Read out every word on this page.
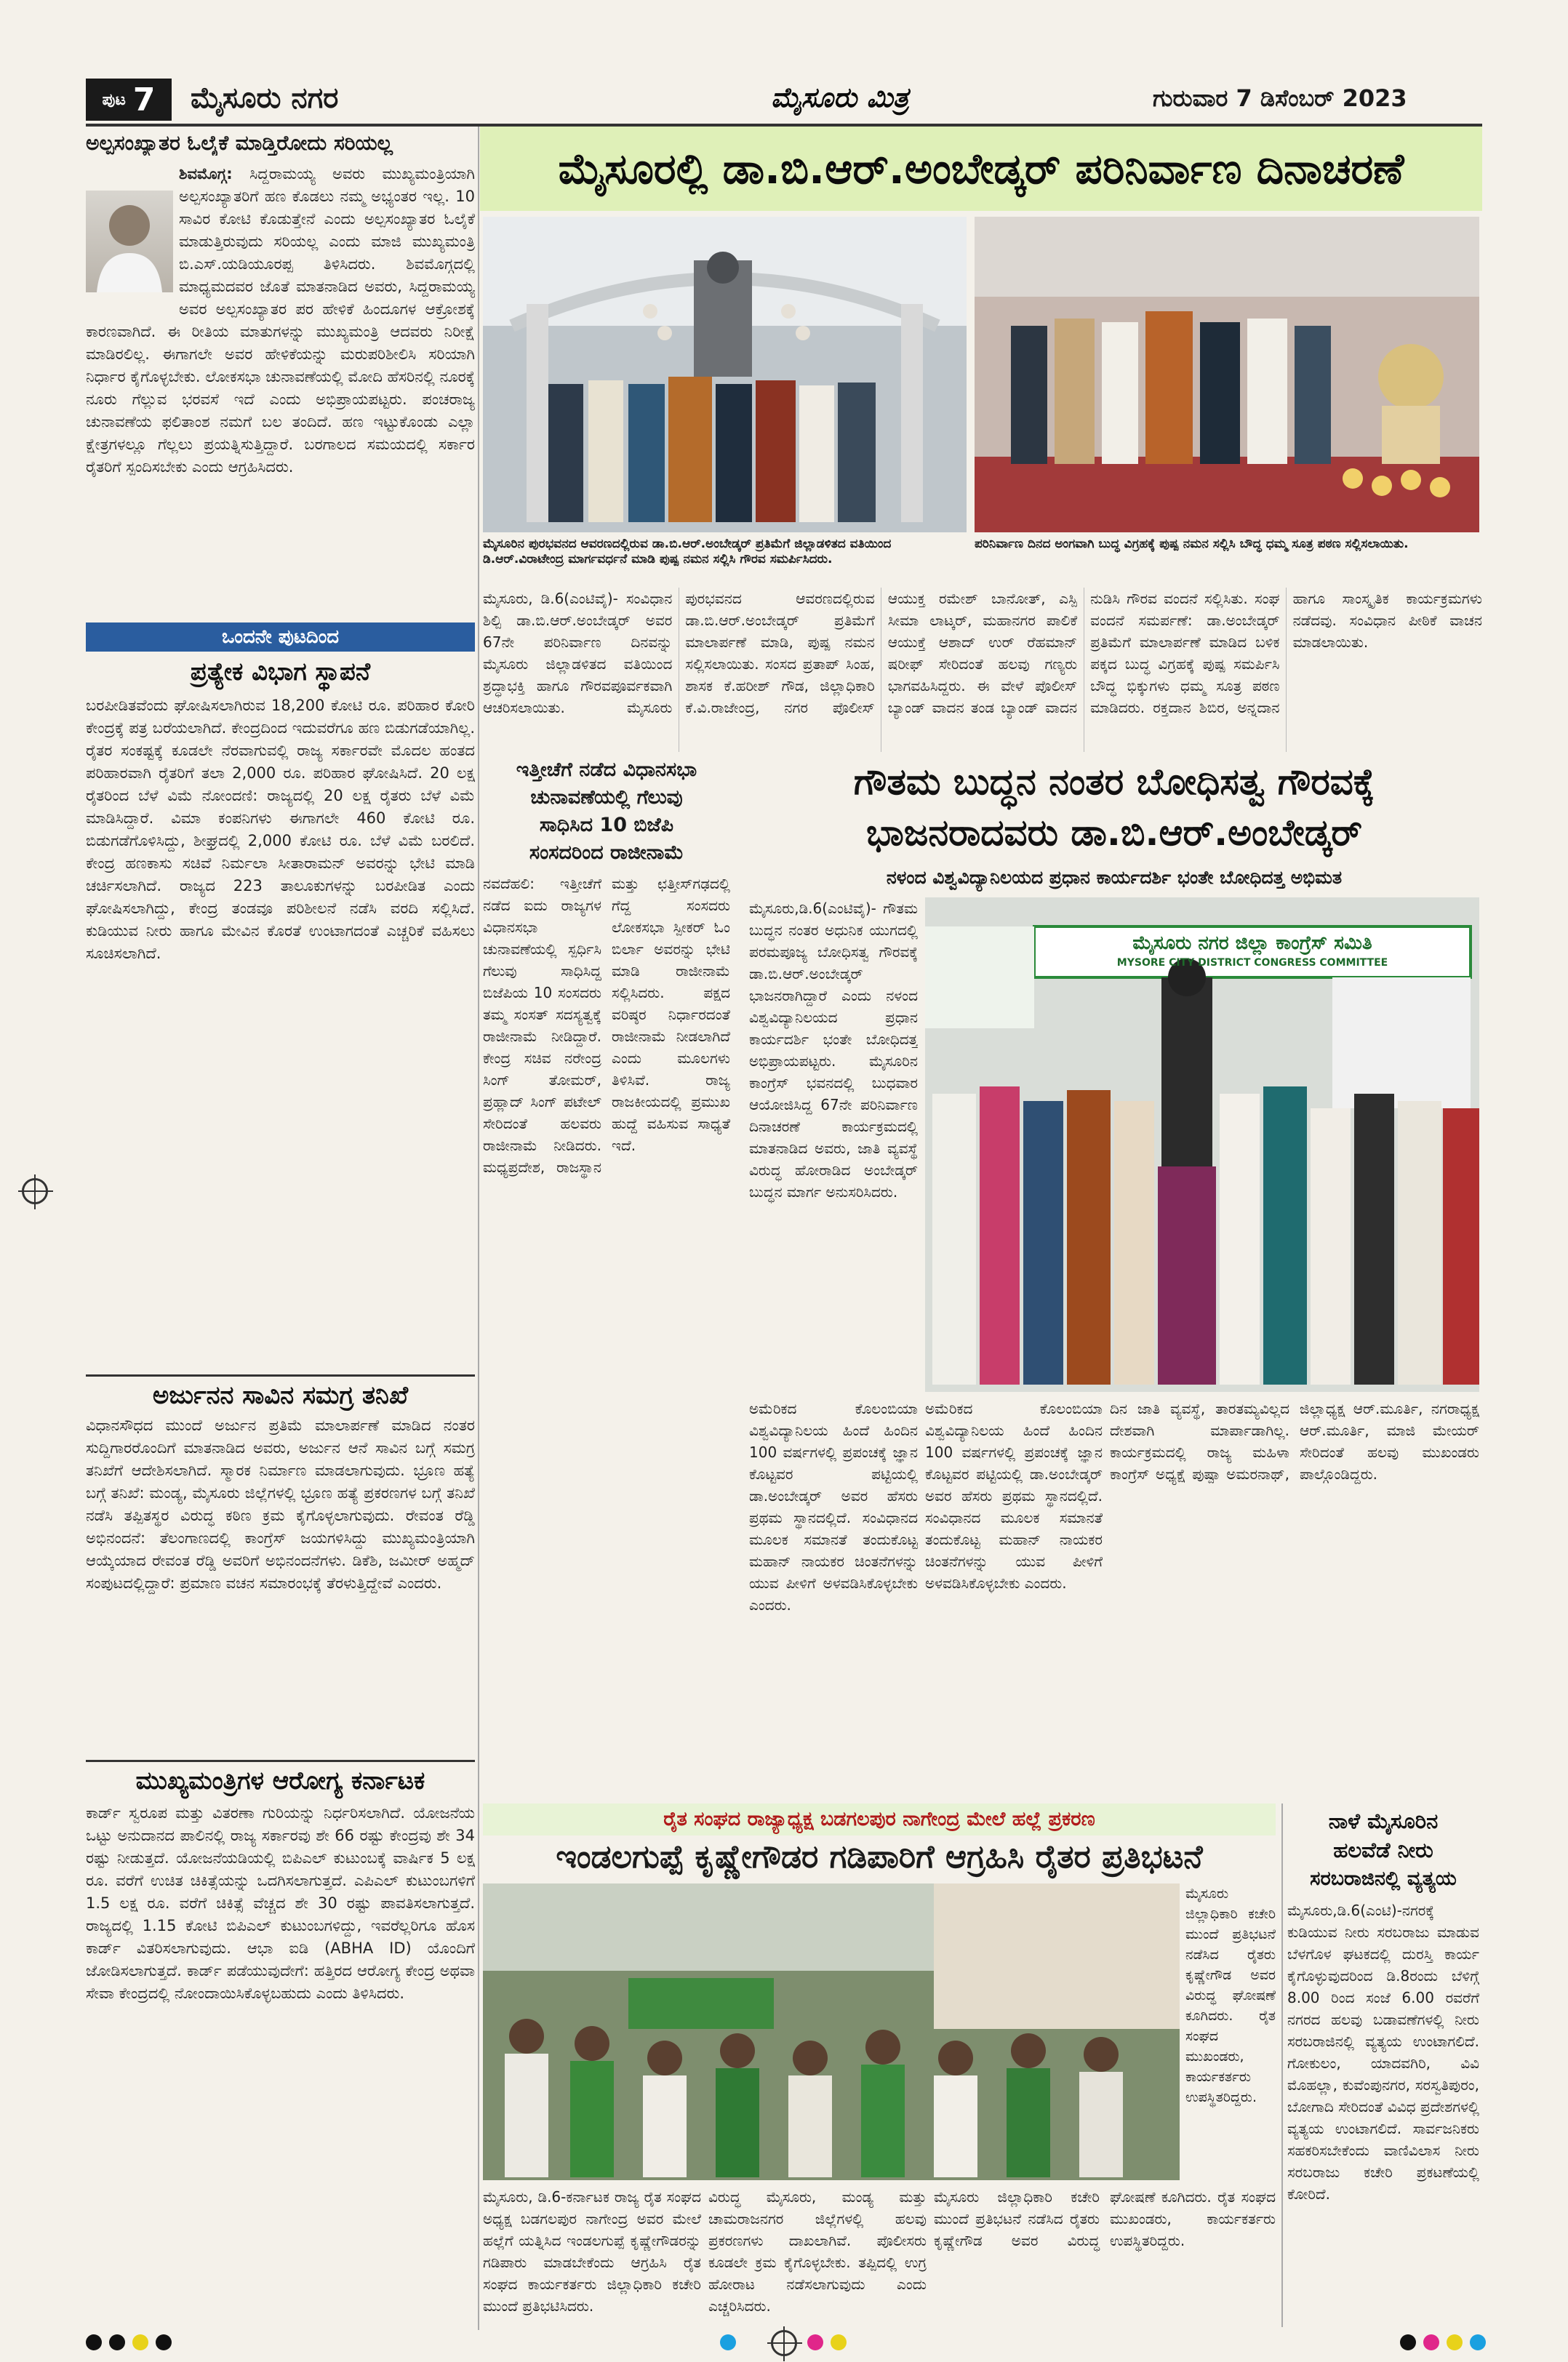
ಪುಟ 7 ಮೈಸೂರು ನಗರ	ಮೈಸೂರು ಮಿತ್ರ	ಗುರುವಾರ 7 ಡಿಸೆಂಬರ್ 2023
ಮೈಸೂರಲ್ಲಿ ಡಾ.ಬಿ.ಆರ್.ಅಂಬೇಡ್ಕರ್ ಪರಿನಿರ್ವಾಣ ದಿನಾಚರಣೆ
ಅಲ್ಪಸಂಖ್ಯಾತರ ಓಲೈಕೆ ಮಾಡ್ತಿರೋದು ಸರಿಯಲ್ಲ
ಶಿವಮೊಗ್ಗ: ಸಿದ್ದರಾಮಯ್ಯ ಅವರು ಮುಖ್ಯಮಂತ್ರಿಯಾಗಿ ಅಲ್ಪಸಂಖ್ಯಾತರಿಗೆ ಹಣ ಕೊಡಲು ನಮ್ಮ ಅಭ್ಯಂತರ ಇಲ್ಲ. 10 ಸಾವಿರ ಕೋಟಿ ಕೊಡುತ್ತೇನೆ ಎಂದು ಅಲ್ಪಸಂಖ್ಯಾತರ ಓಲೈಕೆ ಮಾಡುತ್ತಿರುವುದು ಸರಿಯಲ್ಲ ಎಂದು ಮಾಜಿ ಮುಖ್ಯಮಂತ್ರಿ ಬಿ.ಎಸ್.ಯಡಿಯೂರಪ್ಪ ತಿಳಿಸಿದರು. ಶಿವಮೊಗ್ಗದಲ್ಲಿ ಮಾಧ್ಯಮದವರ ಜೊತೆ ಮಾತನಾಡಿದ ಅವರು, ಸಿದ್ದರಾಮಯ್ಯ ಅವರ ಅಲ್ಪಸಂಖ್ಯಾತರ ಪರ ಹೇಳಿಕೆ ಹಿಂದೂಗಳ ಆಕ್ರೋಶಕ್ಕೆ ಕಾರಣವಾಗಿದೆ. ಈ ರೀತಿಯ ಮಾತುಗಳನ್ನು ಮುಖ್ಯಮಂತ್ರಿ ಆದವರು ನಿರೀಕ್ಷೆ ಮಾಡಿರಲಿಲ್ಲ. ಈಗಾಗಲೇ ಅವರ ಹೇಳಿಕೆಯನ್ನು ಮರುಪರಿಶೀಲಿಸಿ ಸರಿಯಾಗಿ ನಿರ್ಧಾರ ಕೈಗೊಳ್ಳಬೇಕು. ಲೋಕಸಭಾ ಚುನಾವಣೆಯಲ್ಲಿ ಮೋದಿ ಹೆಸರಿನಲ್ಲಿ ನೂರಕ್ಕೆ ನೂರು ಗೆಲ್ಲುವ ಭರವಸೆ ಇದೆ ಎಂದು ಅಭಿಪ್ರಾಯಪಟ್ಟರು. ಪಂಚರಾಜ್ಯ ಚುನಾವಣೆಯ ಫಲಿತಾಂಶ ನಮಗೆ ಬಲ ತಂದಿದೆ. ಹಣ ಇಟ್ಟುಕೊಂಡು ಎಲ್ಲಾ ಕ್ಷೇತ್ರಗಳಲ್ಲೂ ಗೆಲ್ಲಲು ಪ್ರಯತ್ನಿಸುತ್ತಿದ್ದಾರೆ. ಬರಗಾಲದ ಸಮಯದಲ್ಲಿ ಸರ್ಕಾರ ರೈತರಿಗೆ ಸ್ಪಂದಿಸಬೇಕು ಎಂದು ಆಗ್ರಹಿಸಿದರು.
ಒಂದನೇ ಪುಟದಿಂದ
ಪ್ರತ್ಯೇಕ ವಿಭಾಗ ಸ್ಥಾಪನೆ
ಬರಪೀಡಿತವೆಂದು ಘೋಷಿಸಲಾಗಿರುವ 18,200 ಕೋಟಿ ರೂ. ಪರಿಹಾರ ಕೋರಿ ಕೇಂದ್ರಕ್ಕೆ ಪತ್ರ ಬರೆಯಲಾಗಿದೆ. ಕೇಂದ್ರದಿಂದ ಇದುವರೆಗೂ ಹಣ ಬಿಡುಗಡೆಯಾಗಿಲ್ಲ. ರೈತರ ಸಂಕಷ್ಟಕ್ಕೆ ಕೂಡಲೇ ನೆರವಾಗುವಲ್ಲಿ ರಾಜ್ಯ ಸರ್ಕಾರವೇ ಮೊದಲ ಹಂತದ ಪರಿಹಾರವಾಗಿ ರೈತರಿಗೆ ತಲಾ 2,000 ರೂ. ಪರಿಹಾರ ಘೋಷಿಸಿದೆ. 20 ಲಕ್ಷ ರೈತರಿಂದ ಬೆಳೆ ವಿಮೆ ನೋಂದಣಿ: ರಾಜ್ಯದಲ್ಲಿ 20 ಲಕ್ಷ ರೈತರು ಬೆಳೆ ವಿಮೆ ಮಾಡಿಸಿದ್ದಾರೆ. ವಿಮಾ ಕಂಪನಿಗಳು ಈಗಾಗಲೇ 460 ಕೋಟಿ ರೂ. ಬಿಡುಗಡೆಗೊಳಿಸಿದ್ದು, ಶೀಘ್ರದಲ್ಲಿ 2,000 ಕೋಟಿ ರೂ. ಬೆಳೆ ವಿಮೆ ಬರಲಿದೆ. ಕೇಂದ್ರ ಹಣಕಾಸು ಸಚಿವೆ ನಿರ್ಮಲಾ ಸೀತಾರಾಮನ್ ಅವರನ್ನು ಭೇಟಿ ಮಾಡಿ ಚರ್ಚಿಸಲಾಗಿದೆ. ರಾಜ್ಯದ 223 ತಾಲೂಕುಗಳನ್ನು ಬರಪೀಡಿತ ಎಂದು ಘೋಷಿಸಲಾಗಿದ್ದು, ಕೇಂದ್ರ ತಂಡವೂ ಪರಿಶೀಲನೆ ನಡೆಸಿ ವರದಿ ಸಲ್ಲಿಸಿದೆ. ಕುಡಿಯುವ ನೀರು ಹಾಗೂ ಮೇವಿನ ಕೊರತೆ ಉಂಟಾಗದಂತೆ ಎಚ್ಚರಿಕೆ ವಹಿಸಲು ಸೂಚಿಸಲಾಗಿದೆ.
ಅರ್ಜುನನ ಸಾವಿನ ಸಮಗ್ರ ತನಿಖೆ
ವಿಧಾನಸೌಧದ ಮುಂದೆ ಅರ್ಜುನ ಪ್ರತಿಮೆ ಮಾಲಾರ್ಪಣೆ ಮಾಡಿದ ನಂತರ ಸುದ್ದಿಗಾರರೊಂದಿಗೆ ಮಾತನಾಡಿದ ಅವರು, ಅರ್ಜುನ ಆನೆ ಸಾವಿನ ಬಗ್ಗೆ ಸಮಗ್ರ ತನಿಖೆಗೆ ಆದೇಶಿಸಲಾಗಿದೆ. ಸ್ಮಾರಕ ನಿರ್ಮಾಣ ಮಾಡಲಾಗುವುದು. ಭ್ರೂಣ ಹತ್ಯೆ ಬಗ್ಗೆ ತನಿಖೆ: ಮಂಡ್ಯ, ಮೈಸೂರು ಜಿಲ್ಲೆಗಳಲ್ಲಿ ಭ್ರೂಣ ಹತ್ಯೆ ಪ್ರಕರಣಗಳ ಬಗ್ಗೆ ತನಿಖೆ ನಡೆಸಿ ತಪ್ಪಿತಸ್ಥರ ವಿರುದ್ಧ ಕಠಿಣ ಕ್ರಮ ಕೈಗೊಳ್ಳಲಾಗುವುದು. ರೇವಂತ ರೆಡ್ಡಿ ಅಭಿನಂದನೆ: ತೆಲಂಗಾಣದಲ್ಲಿ ಕಾಂಗ್ರೆಸ್ ಜಯಗಳಿಸಿದ್ದು ಮುಖ್ಯಮಂತ್ರಿಯಾಗಿ ಆಯ್ಕೆಯಾದ ರೇವಂತ ರೆಡ್ಡಿ ಅವರಿಗೆ ಅಭಿನಂದನೆಗಳು. ಡಿಕೆಶಿ, ಜಮೀರ್ ಅಹ್ಮದ್ ಸಂಪುಟದಲ್ಲಿದ್ದಾರೆ: ಪ್ರಮಾಣ ವಚನ ಸಮಾರಂಭಕ್ಕೆ ತೆರಳುತ್ತಿದ್ದೇವೆ ಎಂದರು.
ಮುಖ್ಯಮಂತ್ರಿಗಳ ಆರೋಗ್ಯ ಕರ್ನಾಟಕ
ಕಾರ್ಡ್ ಸ್ವರೂಪ ಮತ್ತು ವಿತರಣಾ ಗುರಿಯನ್ನು ನಿರ್ಧರಿಸಲಾಗಿದೆ. ಯೋಜನೆಯ ಒಟ್ಟು ಅನುದಾನದ ಪಾಲಿನಲ್ಲಿ ರಾಜ್ಯ ಸರ್ಕಾರವು ಶೇ 66 ರಷ್ಟು ಕೇಂದ್ರವು ಶೇ 34 ರಷ್ಟು ನೀಡುತ್ತದೆ. ಯೋಜನೆಯಡಿಯಲ್ಲಿ ಬಿಪಿಎಲ್ ಕುಟುಂಬಕ್ಕೆ ವಾರ್ಷಿಕ 5 ಲಕ್ಷ ರೂ. ವರೆಗೆ ಉಚಿತ ಚಿಕಿತ್ಸೆಯನ್ನು ಒದಗಿಸಲಾಗುತ್ತದೆ. ಎಪಿಎಲ್ ಕುಟುಂಬಗಳಿಗೆ 1.5 ಲಕ್ಷ ರೂ. ವರೆಗೆ ಚಿಕಿತ್ಸೆ ವೆಚ್ಚದ ಶೇ 30 ರಷ್ಟು ಪಾವತಿಸಲಾಗುತ್ತದೆ. ರಾಜ್ಯದಲ್ಲಿ 1.15 ಕೋಟಿ ಬಿಪಿಎಲ್ ಕುಟುಂಬಗಳಿದ್ದು, ಇವರೆಲ್ಲರಿಗೂ ಹೊಸ ಕಾರ್ಡ್ ವಿತರಿಸಲಾಗುವುದು. ಆಭಾ ಐಡಿ (ABHA ID) ಯೊಂದಿಗೆ ಜೋಡಿಸಲಾಗುತ್ತದೆ. ಕಾರ್ಡ್ ಪಡೆಯುವುದೇಗೆ: ಹತ್ತಿರದ ಆರೋಗ್ಯ ಕೇಂದ್ರ ಅಥವಾ ಸೇವಾ ಕೇಂದ್ರದಲ್ಲಿ ನೋಂದಾಯಿಸಿಕೊಳ್ಳಬಹುದು ಎಂದು ತಿಳಿಸಿದರು.
ಮೈಸೂರಿನ ಪುರಭವನದ ಆವರಣದಲ್ಲಿರುವ ಡಾ.ಬಿ.ಆರ್.ಅಂಬೇಡ್ಕರ್ ಪ್ರತಿಮೆಗೆ ಜಿಲ್ಲಾಡಳಿತದ ವತಿಯಿಂದ ಡಿ.ಆರ್.ವಿರಾಟೇಂದ್ರ ಮಾರ್ಗವರ್ಧನೆ ಮಾಡಿ ಪುಷ್ಪ ನಮನ ಸಲ್ಲಿಸಿ ಗೌರವ ಸಮರ್ಪಿಸಿದರು.
ಪರಿನಿರ್ವಾಣ ದಿನದ ಅಂಗವಾಗಿ ಬುದ್ಧ ವಿಗ್ರಹಕ್ಕೆ ಪುಷ್ಪ ನಮನ ಸಲ್ಲಿಸಿ ಬೌದ್ಧ ಧಮ್ಮ ಸೂತ್ರ ಪಠಣ ಸಲ್ಲಿಸಲಾಯಿತು.
ಮೈಸೂರು, ಡಿ.6(ಎಂಟಿವೈ)- ಸಂವಿಧಾನ ಶಿಲ್ಪಿ ಡಾ.ಬಿ.ಆರ್.ಅಂಬೇಡ್ಕರ್ ಅವರ 67ನೇ ಪರಿನಿರ್ವಾಣ ದಿನವನ್ನು ಮೈಸೂರು ಜಿಲ್ಲಾಡಳಿತದ ವತಿಯಿಂದ ಶ್ರದ್ಧಾಭಕ್ತಿ ಹಾಗೂ ಗೌರವಪೂರ್ವಕವಾಗಿ ಆಚರಿಸಲಾಯಿತು. ಮೈಸೂರು ಪುರಭವನದ ಆವರಣದಲ್ಲಿರುವ ಡಾ.ಬಿ.ಆರ್.ಅಂಬೇಡ್ಕರ್ ಪ್ರತಿಮೆಗೆ ಮಾಲಾರ್ಪಣೆ ಮಾಡಿ, ಪುಷ್ಪ ನಮನ ಸಲ್ಲಿಸಲಾಯಿತು. ಸಂಸದ ಪ್ರತಾಪ್ ಸಿಂಹ, ಶಾಸಕ ಕೆ.ಹರೀಶ್ ಗೌಡ, ಜಿಲ್ಲಾಧಿಕಾರಿ ಕೆ.ವಿ.ರಾಜೇಂದ್ರ, ನಗರ ಪೊಲೀಸ್ ಆಯುಕ್ತ ರಮೇಶ್ ಬಾನೋತ್, ಎಸ್ಪಿ ಸೀಮಾ ಲಾಟ್ಕರ್, ಮಹಾನಗರ ಪಾಲಿಕೆ ಆಯುಕ್ತೆ ಆಶಾದ್ ಉರ್ ರೆಹಮಾನ್ ಷರೀಫ್ ಸೇರಿದಂತೆ ಹಲವು ಗಣ್ಯರು ಭಾಗವಹಿಸಿದ್ದರು. ಈ ವೇಳೆ ಪೊಲೀಸ್ ಬ್ಯಾಂಡ್ ವಾದನ ತಂಡ ಬ್ಯಾಂಡ್ ವಾದನ ನುಡಿಸಿ ಗೌರವ ವಂದನೆ ಸಲ್ಲಿಸಿತು. ಸಂಘ ವಂದನೆ ಸಮರ್ಪಣೆ: ಡಾ.ಅಂಬೇಡ್ಕರ್ ಪ್ರತಿಮೆಗೆ ಮಾಲಾರ್ಪಣೆ ಮಾಡಿದ ಬಳಿಕ ಪಕ್ಕದ ಬುದ್ಧ ವಿಗ್ರಹಕ್ಕೆ ಪುಷ್ಪ ಸಮರ್ಪಿಸಿ ಬೌದ್ಧ ಭಿಕ್ಕುಗಳು ಧಮ್ಮ ಸೂತ್ರ ಪಠಣ ಮಾಡಿದರು. ರಕ್ತದಾನ ಶಿಬಿರ, ಅನ್ನದಾನ ಹಾಗೂ ಸಾಂಸ್ಕೃತಿಕ ಕಾರ್ಯಕ್ರಮಗಳು ನಡೆದವು. ಸಂವಿಧಾನ ಪೀಠಿಕೆ ವಾಚನ ಮಾಡಲಾಯಿತು.
ಇತ್ತೀಚೆಗೆ ನಡೆದ ವಿಧಾನಸಭಾ
ಚುನಾವಣೆಯಲ್ಲಿ ಗೆಲುವು
ಸಾಧಿಸಿದ 10 ಬಿಜೆಪಿ
ಸಂಸದರಿಂದ ರಾಜೀನಾಮೆ
ನವದೆಹಲಿ: ಇತ್ತೀಚೆಗೆ ನಡೆದ ಐದು ರಾಜ್ಯಗಳ ವಿಧಾನಸಭಾ ಚುನಾವಣೆಯಲ್ಲಿ ಸ್ಪರ್ಧಿಸಿ ಗೆಲುವು ಸಾಧಿಸಿದ್ದ ಬಿಜೆಪಿಯ 10 ಸಂಸದರು ತಮ್ಮ ಸಂಸತ್ ಸದಸ್ಯತ್ವಕ್ಕೆ ರಾಜೀನಾಮೆ ನೀಡಿದ್ದಾರೆ. ಕೇಂದ್ರ ಸಚಿವ ನರೇಂದ್ರ ಸಿಂಗ್ ತೋಮರ್, ಪ್ರಹ್ಲಾದ್ ಸಿಂಗ್ ಪಟೇಲ್ ಸೇರಿದಂತೆ ಹಲವರು ರಾಜೀನಾಮೆ ನೀಡಿದರು. ಮಧ್ಯಪ್ರದೇಶ, ರಾಜಸ್ಥಾನ ಮತ್ತು ಛತ್ತೀಸ್‌ಗಢದಲ್ಲಿ ಗೆದ್ದ ಸಂಸದರು ಲೋಕಸಭಾ ಸ್ಪೀಕರ್ ಓಂ ಬಿರ್ಲಾ ಅವರನ್ನು ಭೇಟಿ ಮಾಡಿ ರಾಜೀನಾಮೆ ಸಲ್ಲಿಸಿದರು. ಪಕ್ಷದ ವರಿಷ್ಠರ ನಿರ್ಧಾರದಂತೆ ರಾಜೀನಾಮೆ ನೀಡಲಾಗಿದೆ ಎಂದು ಮೂಲಗಳು ತಿಳಿಸಿವೆ. ರಾಜ್ಯ ರಾಜಕೀಯದಲ್ಲಿ ಪ್ರಮುಖ ಹುದ್ದೆ ವಹಿಸುವ ಸಾಧ್ಯತೆ ಇದೆ.
ಗೌತಮ ಬುದ್ಧನ ನಂತರ ಬೋಧಿಸತ್ವ ಗೌರವಕ್ಕೆ
ಭಾಜನರಾದವರು ಡಾ.ಬಿ.ಆರ್.ಅಂಬೇಡ್ಕರ್
ನಳಂದ ವಿಶ್ವವಿದ್ಯಾನಿಲಯದ ಪ್ರಧಾನ ಕಾರ್ಯದರ್ಶಿ ಭಂತೇ ಬೋಧಿದತ್ತ ಅಭಿಮತ
ಮೈಸೂರು,ಡಿ.6(ಎಂಟಿವೈ)- ಗೌತಮ ಬುದ್ಧನ ನಂತರ ಅಧುನಿಕ ಯುಗದಲ್ಲಿ ಪರಮಪೂಜ್ಯ ಬೋಧಿಸತ್ವ ಗೌರವಕ್ಕೆ ಡಾ.ಬಿ.ಆರ್.ಅಂಬೇಡ್ಕರ್ ಭಾಜನರಾಗಿದ್ದಾರೆ ಎಂದು ನಳಂದ ವಿಶ್ವವಿದ್ಯಾನಿಲಯದ ಪ್ರಧಾನ ಕಾರ್ಯದರ್ಶಿ ಭಂತೇ ಬೋಧಿದತ್ತ ಅಭಿಪ್ರಾಯಪಟ್ಟರು. ಮೈಸೂರಿನ ಕಾಂಗ್ರೆಸ್ ಭವನದಲ್ಲಿ ಬುಧವಾರ ಆಯೋಜಿಸಿದ್ದ 67ನೇ ಪರಿನಿರ್ವಾಣ ದಿನಾಚರಣೆ ಕಾರ್ಯಕ್ರಮದಲ್ಲಿ ಮಾತನಾಡಿದ ಅವರು, ಜಾತಿ ವ್ಯವಸ್ಥೆ ವಿರುದ್ಧ ಹೋರಾಡಿದ ಅಂಬೇಡ್ಕರ್ ಬುದ್ಧನ ಮಾರ್ಗ ಅನುಸರಿಸಿದರು.
ಮೈಸೂರು ನಗರ ಜಿಲ್ಲಾ ಕಾಂಗ್ರೆಸ್ ಸಮಿತಿ
MYSORE CITY DISTRICT CONGRESS COMMITTEE
ಅಮೆರಿಕದ ಕೊಲಂಬಿಯಾ ವಿಶ್ವವಿದ್ಯಾನಿಲಯ ಹಿಂದೆ ಹಿಂದಿನ 100 ವರ್ಷಗಳಲ್ಲಿ ಪ್ರಪಂಚಕ್ಕೆ ಜ್ಞಾನ ಕೊಟ್ಟವರ ಪಟ್ಟಿಯಲ್ಲಿ ಡಾ.ಅಂಬೇಡ್ಕರ್ ಅವರ ಹೆಸರು ಪ್ರಥಮ ಸ್ಥಾನದಲ್ಲಿದೆ. ಸಂವಿಧಾನದ ಮೂಲಕ ಸಮಾನತೆ ತಂದುಕೊಟ್ಟ ಮಹಾನ್ ನಾಯಕರ ಚಿಂತನೆಗಳನ್ನು ಯುವ ಪೀಳಿಗೆ ಅಳವಡಿಸಿಕೊಳ್ಳಬೇಕು ಎಂದರು.
ದಿನ ಜಾತಿ ವ್ಯವಸ್ಥೆ, ತಾರತಮ್ಯವಿಲ್ಲದ ದೇಶವಾಗಿ ಮಾರ್ಪಾಡಾಗಿಲ್ಲ. ಕಾರ್ಯಕ್ರಮದಲ್ಲಿ ರಾಜ್ಯ ಮಹಿಳಾ ಕಾಂಗ್ರೆಸ್ ಅಧ್ಯಕ್ಷೆ ಪುಷ್ಪಾ ಅಮರನಾಥ್, ಜಿಲ್ಲಾಧ್ಯಕ್ಷ ಆರ್.ಮೂರ್ತಿ, ನಗರಾಧ್ಯಕ್ಷ ಆರ್.ಮೂರ್ತಿ, ಮಾಜಿ ಮೇಯರ್ ಸೇರಿದಂತೆ ಹಲವು ಮುಖಂಡರು ಪಾಲ್ಗೊಂಡಿದ್ದರು.
ಅಮೆರಿಕದ ಕೊಲಂಬಿಯಾ ವಿಶ್ವವಿದ್ಯಾನಿಲಯ ಹಿಂದೆ ಹಿಂದಿನ 100 ವರ್ಷಗಳಲ್ಲಿ ಪ್ರಪಂಚಕ್ಕೆ ಜ್ಞಾನ ಕೊಟ್ಟವರ ಪಟ್ಟಿಯಲ್ಲಿ ಡಾ.ಅಂಬೇಡ್ಕರ್ ಅವರ ಹೆಸರು ಪ್ರಥಮ ಸ್ಥಾನದಲ್ಲಿದೆ. ಸಂವಿಧಾನದ ಮೂಲಕ ಸಮಾನತೆ ತಂದುಕೊಟ್ಟ ಮಹಾನ್ ನಾಯಕರ ಚಿಂತನೆಗಳನ್ನು ಯುವ ಪೀಳಿಗೆ ಅಳವಡಿಸಿಕೊಳ್ಳಬೇಕು ಎಂದರು.
ರೈತ ಸಂಘದ ರಾಜ್ಯಾಧ್ಯಕ್ಷ ಬಡಗಲಪುರ ನಾಗೇಂದ್ರ ಮೇಲೆ ಹಲ್ಲೆ ಪ್ರಕರಣ
ಇಂಡಲಗುಪ್ಪೆ ಕೃಷ್ಣೇಗೌಡರ ಗಡಿಪಾರಿಗೆ ಆಗ್ರಹಿಸಿ ರೈತರ ಪ್ರತಿಭಟನೆ
ಮೈಸೂರು ಜಿಲ್ಲಾಧಿಕಾರಿ ಕಚೇರಿ ಮುಂದೆ ಪ್ರತಿಭಟನೆ ನಡೆಸಿದ ರೈತರು ಕೃಷ್ಣೇಗೌಡ ಅವರ ವಿರುದ್ಧ ಘೋಷಣೆ ಕೂಗಿದರು. ರೈತ ಸಂಘದ ಮುಖಂಡರು, ಕಾರ್ಯಕರ್ತರು ಉಪಸ್ಥಿತರಿದ್ದರು.
ಮೈಸೂರು, ಡಿ.6-ಕರ್ನಾಟಕ ರಾಜ್ಯ ರೈತ ಸಂಘದ ಅಧ್ಯಕ್ಷ ಬಡಗಲಪುರ ನಾಗೇಂದ್ರ ಅವರ ಮೇಲೆ ಹಲ್ಲೆಗೆ ಯತ್ನಿಸಿದ ಇಂಡಲಗುಪ್ಪೆ ಕೃಷ್ಣೇಗೌಡರನ್ನು ಗಡಿಪಾರು ಮಾಡಬೇಕೆಂದು ಆಗ್ರಹಿಸಿ ರೈತ ಸಂಘದ ಕಾರ್ಯಕರ್ತರು ಜಿಲ್ಲಾಧಿಕಾರಿ ಕಚೇರಿ ಮುಂದೆ ಪ್ರತಿಭಟಿಸಿದರು.
ವಿರುದ್ಧ ಮೈಸೂರು, ಮಂಡ್ಯ ಮತ್ತು ಚಾಮರಾಜನಗರ ಜಿಲ್ಲೆಗಳಲ್ಲಿ ಹಲವು ಪ್ರಕರಣಗಳು ದಾಖಲಾಗಿವೆ. ಪೊಲೀಸರು ಕೂಡಲೇ ಕ್ರಮ ಕೈಗೊಳ್ಳಬೇಕು. ತಪ್ಪಿದಲ್ಲಿ ಉಗ್ರ ಹೋರಾಟ ನಡೆಸಲಾಗುವುದು ಎಂದು ಎಚ್ಚರಿಸಿದರು.
ಮೈಸೂರು ಜಿಲ್ಲಾಧಿಕಾರಿ ಕಚೇರಿ ಮುಂದೆ ಪ್ರತಿಭಟನೆ ನಡೆಸಿದ ರೈತರು ಕೃಷ್ಣೇಗೌಡ ಅವರ ವಿರುದ್ಧ ಘೋಷಣೆ ಕೂಗಿದರು. ರೈತ ಸಂಘದ ಮುಖಂಡರು, ಕಾರ್ಯಕರ್ತರು ಉಪಸ್ಥಿತರಿದ್ದರು.
ನಾಳೆ ಮೈಸೂರಿನ
ಹಲವೆಡೆ ನೀರು
ಸರಬರಾಜಿನಲ್ಲಿ ವ್ಯತ್ಯಯ
ಮೈಸೂರು,ಡಿ.6(ಎಂಟಿ)-ನಗರಕ್ಕೆ ಕುಡಿಯುವ ನೀರು ಸರಬರಾಜು ಮಾಡುವ ಬೆಳಗೊಳ ಘಟಕದಲ್ಲಿ ದುರಸ್ತಿ ಕಾರ್ಯ ಕೈಗೊಳ್ಳುವುದರಿಂದ ಡಿ.8ರಂದು ಬೆಳಿಗ್ಗೆ 8.00 ರಿಂದ ಸಂಜೆ 6.00 ರವರೆಗೆ ನಗರದ ಹಲವು ಬಡಾವಣೆಗಳಲ್ಲಿ ನೀರು ಸರಬರಾಜಿನಲ್ಲಿ ವ್ಯತ್ಯಯ ಉಂಟಾಗಲಿದೆ. ಗೋಕುಲಂ, ಯಾದವಗಿರಿ, ವಿವಿ ಮೊಹಲ್ಲಾ, ಕುವೆಂಪುನಗರ, ಸರಸ್ವತಿಪುರಂ, ಬೋಗಾದಿ ಸೇರಿದಂತೆ ವಿವಿಧ ಪ್ರದೇಶಗಳಲ್ಲಿ ವ್ಯತ್ಯಯ ಉಂಟಾಗಲಿದೆ. ಸಾರ್ವಜನಿಕರು ಸಹಕರಿಸಬೇಕೆಂದು ವಾಣಿವಿಲಾಸ ನೀರು ಸರಬರಾಜು ಕಚೇರಿ ಪ್ರಕಟಣೆಯಲ್ಲಿ ಕೋರಿದೆ.
